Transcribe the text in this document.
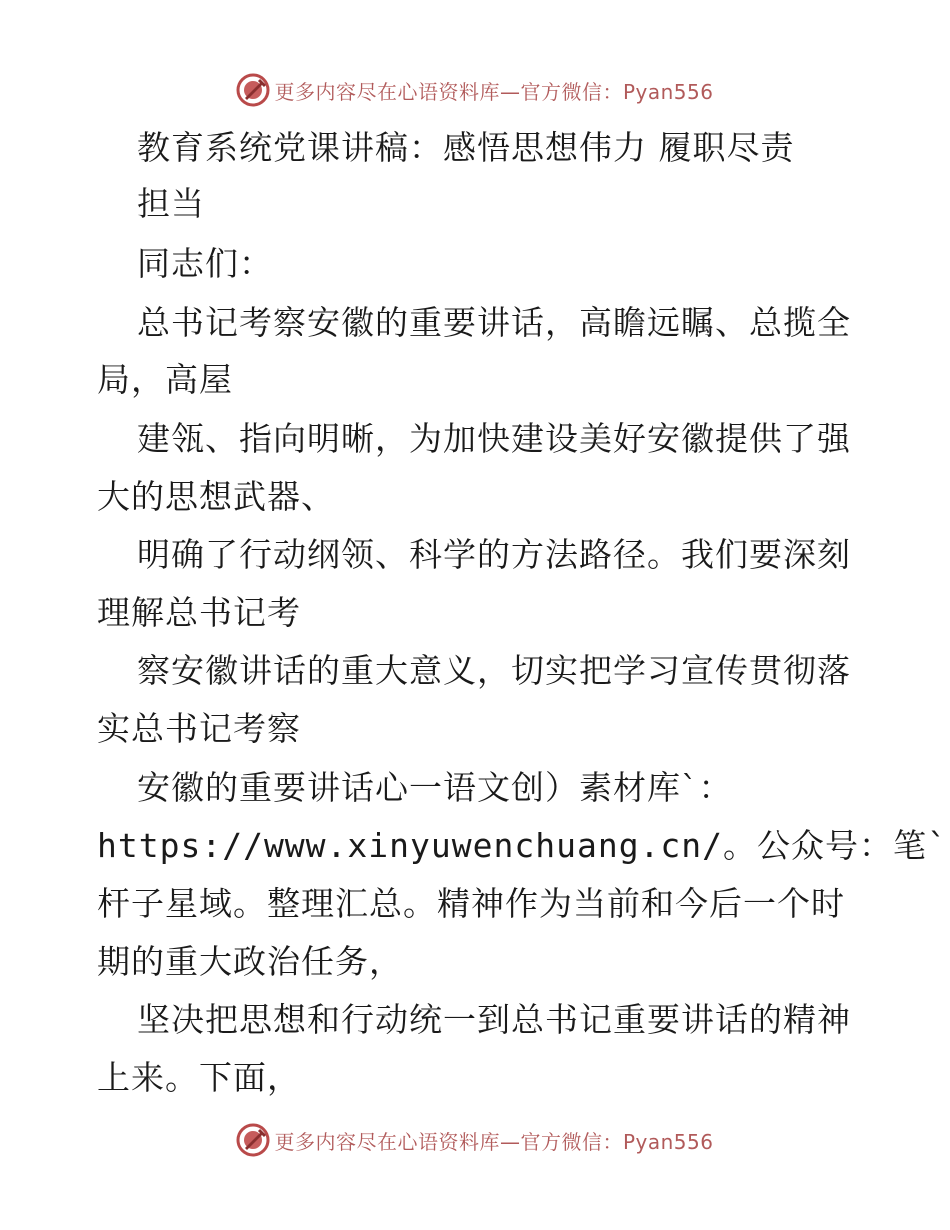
更多内容尽在心语资料库—官方微信：Pyan556
教育系统党课讲稿：感悟思想伟力 履职尽责
担当
同志们：
总书记考察安徽的重要讲话，高瞻远瞩、总揽全
局，高屋
建瓴、指向明晰，为加快建设美好安徽提供了强
大的思想武器、
明确了行动纲领、科学的方法路径。我们要深刻
理解总书记考
察安徽讲话的重大意义，切实把学习宣传贯彻落
实总书记考察
安徽的重要讲话心一语文创）素材库`：
https://www.xinyuwenchuang.cn/。公众号：笔`
杆子星域。整理汇总。精神作为当前和今后一个时
期的重大政治任务，
坚决把思想和行动统一到总书记重要讲话的精神
上来。下面，
更多内容尽在心语资料库—官方微信：Pyan556
